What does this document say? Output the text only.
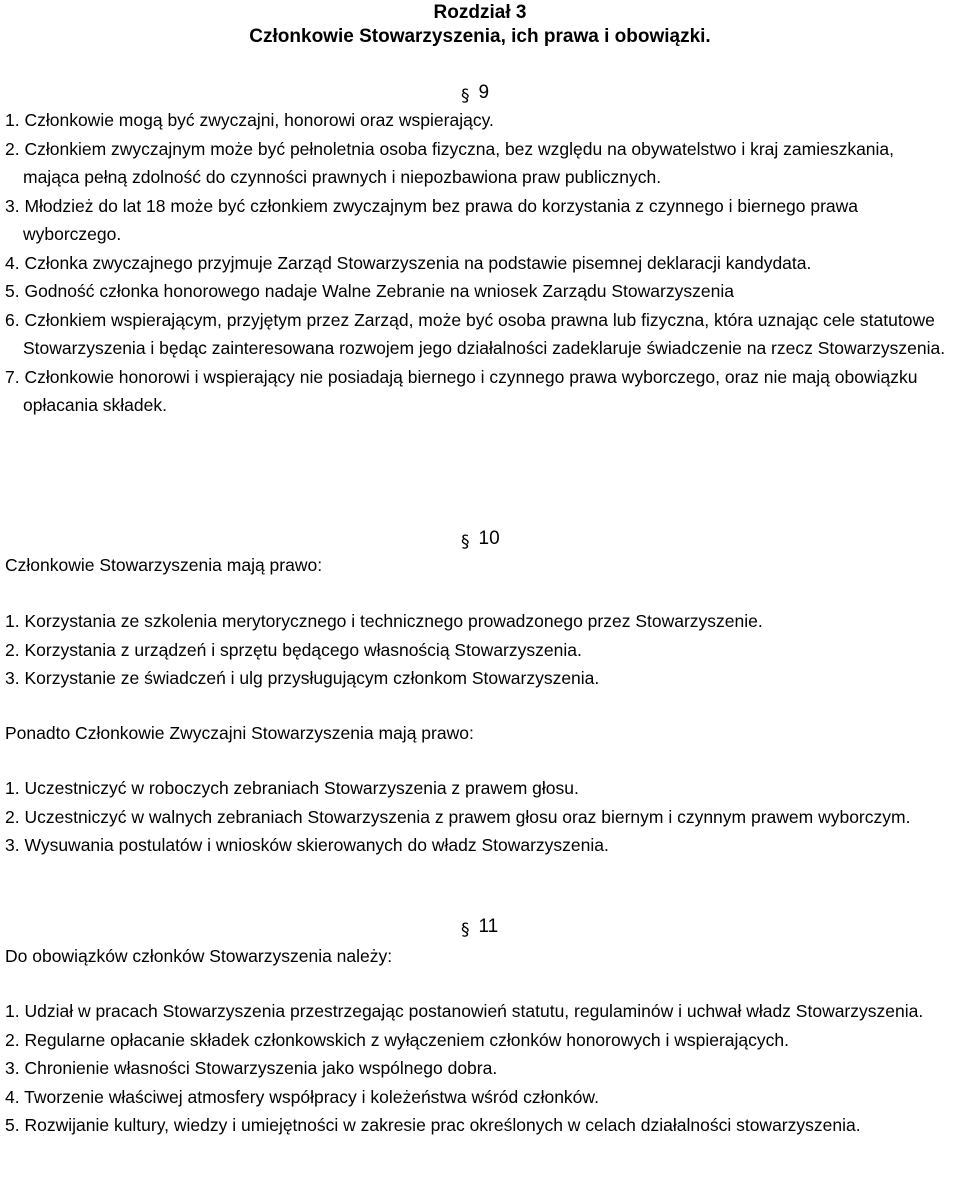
Rozdział 3
Członkowie Stowarzyszenia, ich prawa i obowiązki.
§ 9

1. Członkowie mogą być zwyczajni, honorowi oraz wspierający.

2. Członkiem zwyczajnym może być pełnoletnia osoba fizyczna, bez względu na obywatelstwo i kraj zamieszkania, mająca pełną zdolność do czynności prawnych i niepozbawiona praw publicznych.

3. Młodzież do lat 18 może być członkiem zwyczajnym bez prawa do korzystania z czynnego i biernego prawa wyborczego.

4. Członka zwyczajnego przyjmuje Zarząd Stowarzyszenia na podstawie pisemnej deklaracji kandydata.

5. Godność członka honorowego nadaje Walne Zebranie na wniosek Zarządu Stowarzyszenia

6. Członkiem wspierającym, przyjętym przez Zarząd, może być osoba prawna lub fizyczna, która uznając cele statutowe Stowarzyszenia i będąc zainteresowana rozwojem jego działalności zadeklaruje świadczenie na rzecz Stowarzyszenia.

7. Członkowie honorowi i wspierający nie posiadają biernego i czynnego prawa wyborczego, oraz nie mają obowiązku opłacania składek.

§ 10
Członkowie Stowarzyszenia mają prawo:

1. Korzystania ze szkolenia merytorycznego i technicznego prowadzonego przez Stowarzyszenie.

2. Korzystania z urządzeń i sprzętu będącego własnością Stowarzyszenia.

3. Korzystanie ze świadczeń i ulg przysługującym członkom Stowarzyszenia.

Ponadto Członkowie Zwyczajni Stowarzyszenia mają prawo:

1. Uczestniczyć w roboczych zebraniach Stowarzyszenia z prawem głosu.

2. Uczestniczyć w walnych zebraniach Stowarzyszenia z prawem głosu oraz biernym i czynnym prawem wyborczym.

3. Wysuwania postulatów i wniosków skierowanych do władz Stowarzyszenia.

§ 11
Do obowiązków członków Stowarzyszenia należy:

1. Udział w pracach Stowarzyszenia przestrzegając postanowień statutu, regulaminów i uchwał władz Stowarzyszenia.

2. Regularne opłacanie składek członkowskich z wyłączeniem członków honorowych i wspierających.

3. Chronienie własności Stowarzyszenia jako wspólnego dobra.

4. Tworzenie właściwej atmosfery współpracy i koleżeństwa wśród członków.

5. Rozwijanie kultury, wiedzy i umiejętności w zakresie prac określonych w celach działalności stowarzyszenia.
